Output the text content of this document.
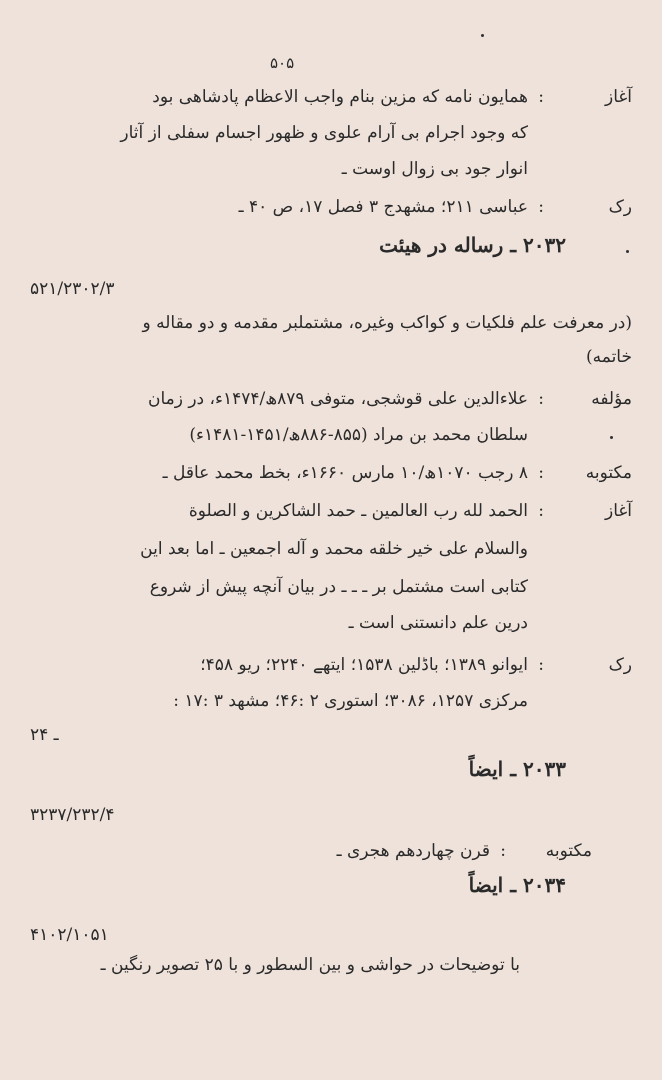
۵۰۵
آغاز
:
همایون نامه که مزین بنام واجب الاعظام پادشاهی بود
که وجود اجرام بی آرام علوی و ظهور اجسام سفلی از آثار
انوار جود بی زوال اوست ـ
رک
:
عباسی ۲۱۱؛ مشهدج ۳ فصل ۱۷، ص ۴۰ ـ
۲۰۳۲ ـ رساله در هیئت
۵۲۱/۲۳۰۲/۳
(در معرفت علم فلکیات و کواکب وغیره، مشتملبر مقدمه و دو مقاله و
خاتمه)
مؤلفه
:
علاءالدین علی قوشجی، متوفی ۸۷۹ھ/۱۴۷۴ء، در زمان
سلطان محمد بن مراد (۸۵۵-۸۸۶ھ/۱۴۵۱-۱۴۸۱ء)
مکتوبه
:
۸ رجب ۱۰۷۰ھ/۱۰ مارس ۱۶۶۰ء، بخط محمد عاقل ـ
آغاز
:
الحمد لله رب العالمین ـ حمد الشاکرین و الصلوة
والسلام علی خیر خلقه محمد و آله اجمعین ـ اما بعد این
کتابی است مشتمل بر ـ ـ ـ در بیان آنچه پیش از شروع
درین علم دانستنی است ـ
رک
:
ایوانو ۱۳۸۹؛ باڈلین ۱۵۳۸؛ ایتھے ۲۲۴۰؛ ریو ۴۵۸؛
مرکزی ۱۲۵۷، ۳۰۸۶؛ استوری ۲ :۴۶؛ مشهد ۳ :۱۷ :
ـ ۲۴
۲۰۳۳ ـ ایضاً
۳۲۳۷/۲۳۲/۴
مکتوبه
:
قرن چهاردهم هجری ـ
۲۰۳۴ ـ ایضاً
۴۱۰۲/۱۰۵۱
با توضیحات در حواشی و بین السطور و با ۲۵ تصویر رنگین ـ
